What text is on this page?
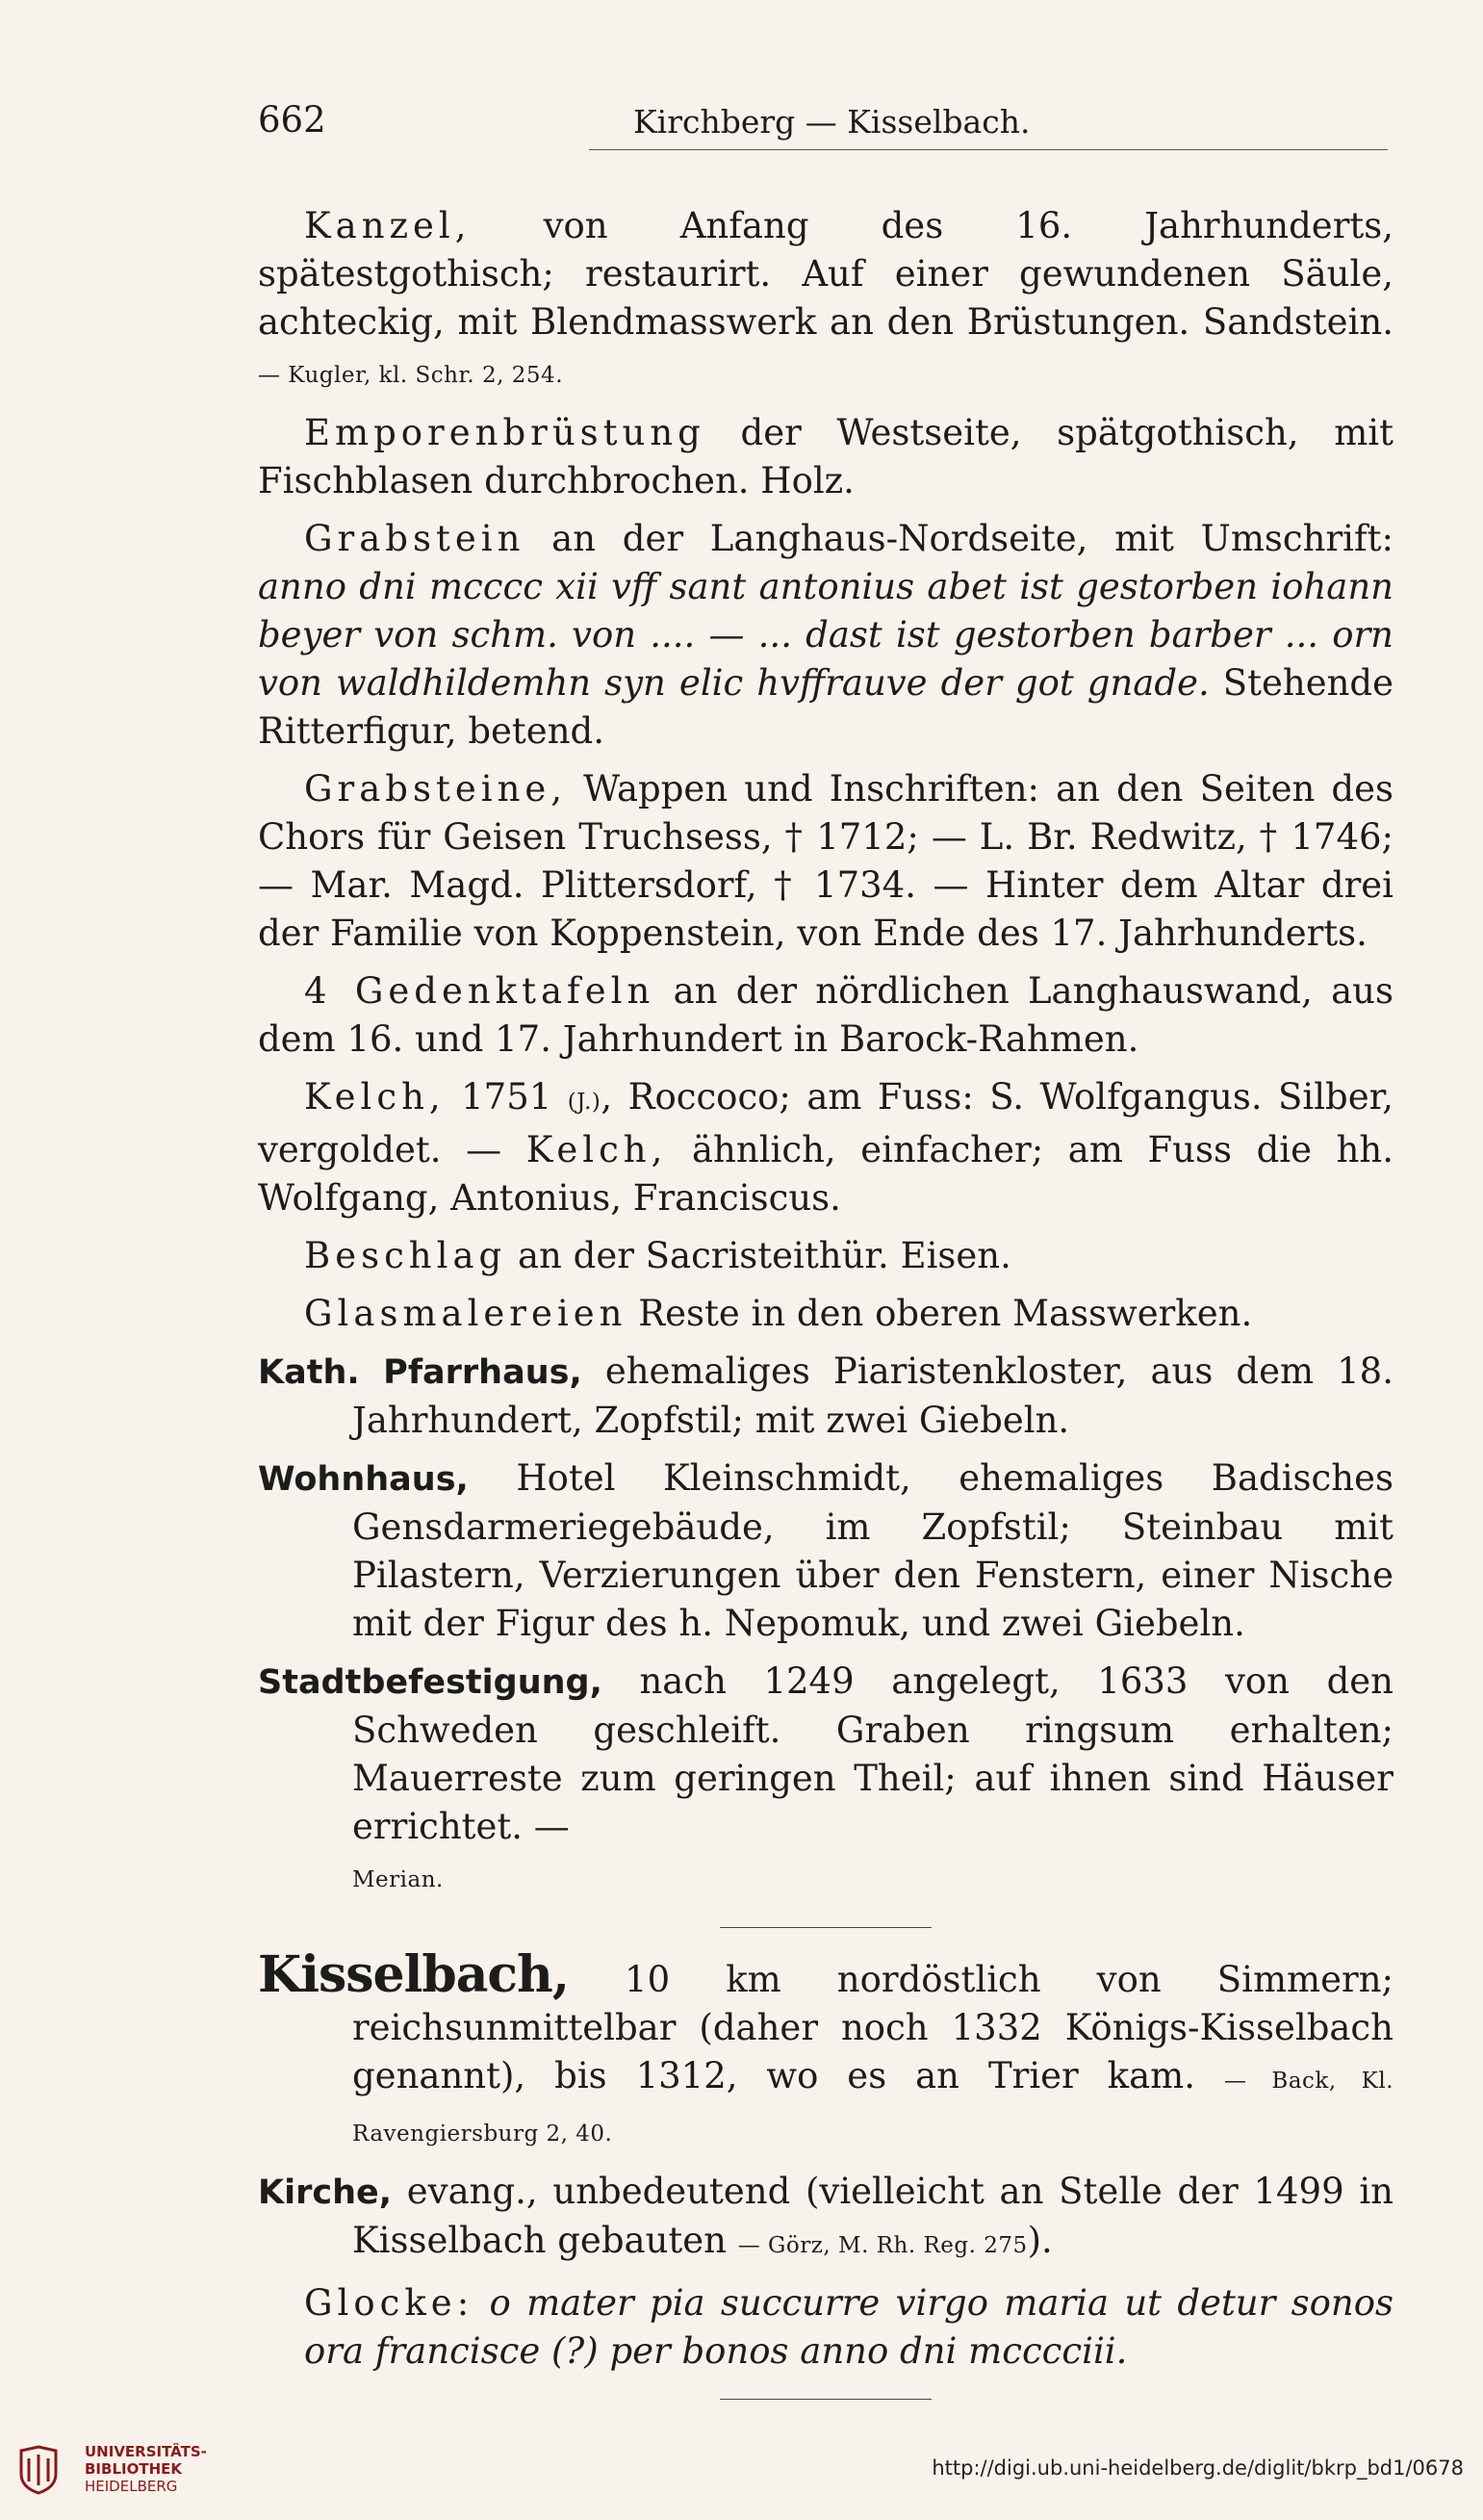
662	Kirchberg — Kisselbach.

Kanzel, von Anfang des 16. Jahrhunderts, spätestgothisch; restaurirt. Auf einer gewundenen Säule, achteckig, mit Blendmasswerk an den Brüstungen. Sandstein. — Kugler, kl. Schr. 2, 254.

Emporenbrüstung der Westseite, spätgothisch, mit Fischblasen durchbrochen. Holz.

Grabstein an der Langhaus-Nordseite, mit Umschrift: anno dni mcccc xii vff sant antonius abet ist gestorben iohann beyer von schm. von .... — ... dast ist gestorben barber ... orn von waldhildemhn syn elic hvffrauve der got gnade. Stehende Ritterfigur, betend.

Grabsteine, Wappen und Inschriften: an den Seiten des Chors für Geisen Truchsess, † 1712; — L. Br. Redwitz, † 1746; — Mar. Magd. Plittersdorf, † 1734. — Hinter dem Altar drei der Familie von Koppenstein, von Ende des 17. Jahrhunderts.

4 Gedenktafeln an der nördlichen Langhauswand, aus dem 16. und 17. Jahrhundert in Barock-Rahmen.

Kelch, 1751 (J.), Roccoco; am Fuss: S. Wolfgangus. Silber, vergoldet. — Kelch, ähnlich, einfacher; am Fuss die hh. Wolfgang, Antonius, Franciscus.

Beschlag an der Sacristeithür. Eisen.

Glasmalereien Reste in den oberen Masswerken.

Kath. Pfarrhaus, ehemaliges Piaristenkloster, aus dem 18. Jahrhundert, Zopfstil; mit zwei Giebeln.

Wohnhaus, Hotel Kleinschmidt, ehemaliges Badisches Gensdarmeriegebäude, im Zopfstil; Steinbau mit Pilastern, Verzierungen über den Fenstern, einer Nische mit der Figur des h. Nepomuk, und zwei Giebeln.

Stadtbefestigung, nach 1249 angelegt, 1633 von den Schweden geschleift. Graben ringsum erhalten; Mauerreste zum geringen Theil; auf ihnen sind Häuser errichtet. —
Merian.

Kisselbach, 10 km nordöstlich von Simmern; reichsunmittelbar (daher noch 1332 Königs-Kisselbach genannt), bis 1312, wo es an Trier kam. — Back, Kl. Ravengiersburg 2, 40.

Kirche, evang., unbedeutend (vielleicht an Stelle der 1499 in Kisselbach gebauten — Görz, M. Rh. Reg. 275).

Glocke: o mater pia succurre virgo maria ut detur sonos ora francisce (?) per bonos anno dni mcccciii.

UNIVERSITÄTS-
BIBLIOTHEK
HEIDELBERG
http://digi.ub.uni-heidelberg.de/diglit/bkrp_bd1/0678
